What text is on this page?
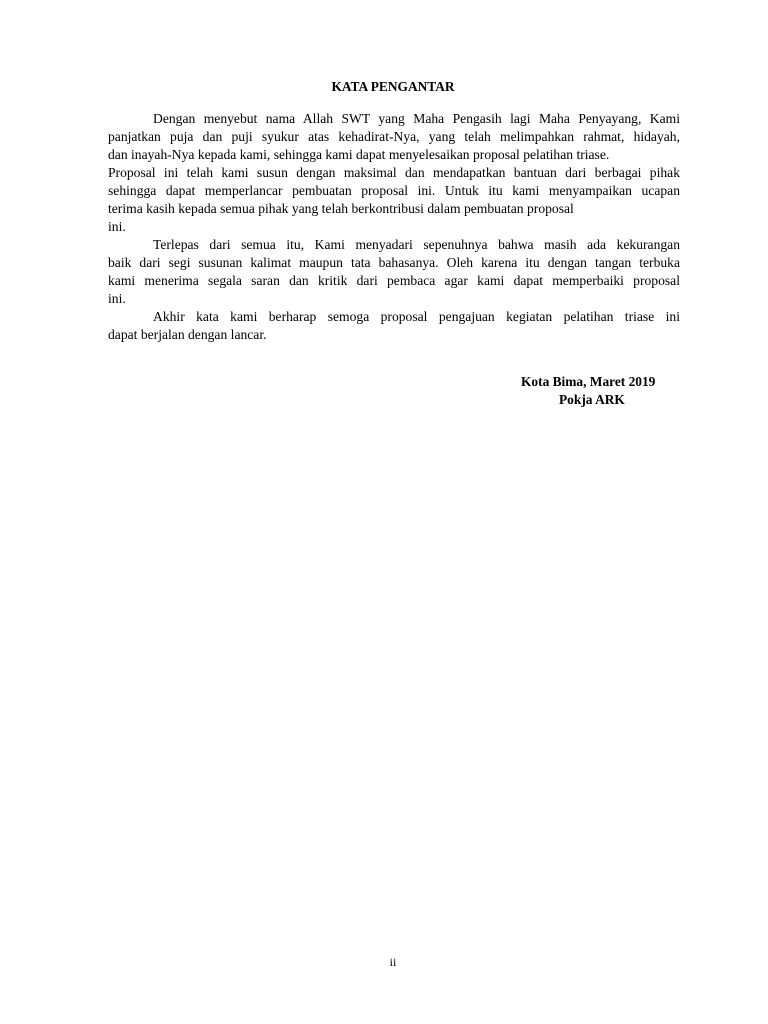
KATA PENGANTAR
Dengan menyebut nama Allah SWT yang Maha Pengasih lagi Maha Penyayang, Kami
panjatkan puja dan puji syukur atas kehadirat-Nya, yang telah melimpahkan rahmat, hidayah,
dan inayah-Nya kepada kami, sehingga kami dapat menyelesaikan proposal pelatihan triase.
Proposal ini telah kami susun dengan maksimal dan mendapatkan bantuan dari berbagai pihak
sehingga dapat memperlancar pembuatan proposal ini. Untuk itu kami menyampaikan ucapan
terima kasih kepada semua pihak yang telah berkontribusi dalam pembuatan proposal
ini.
Terlepas dari semua itu, Kami menyadari sepenuhnya bahwa masih ada kekurangan
baik dari segi susunan kalimat maupun tata bahasanya. Oleh karena itu dengan tangan terbuka
kami menerima segala saran dan kritik dari pembaca agar kami dapat memperbaiki proposal
ini.
Akhir kata kami berharap semoga proposal pengajuan kegiatan pelatihan triase ini
dapat berjalan dengan lancar.
Kota Bima, Maret 2019
Pokja ARK
ii
